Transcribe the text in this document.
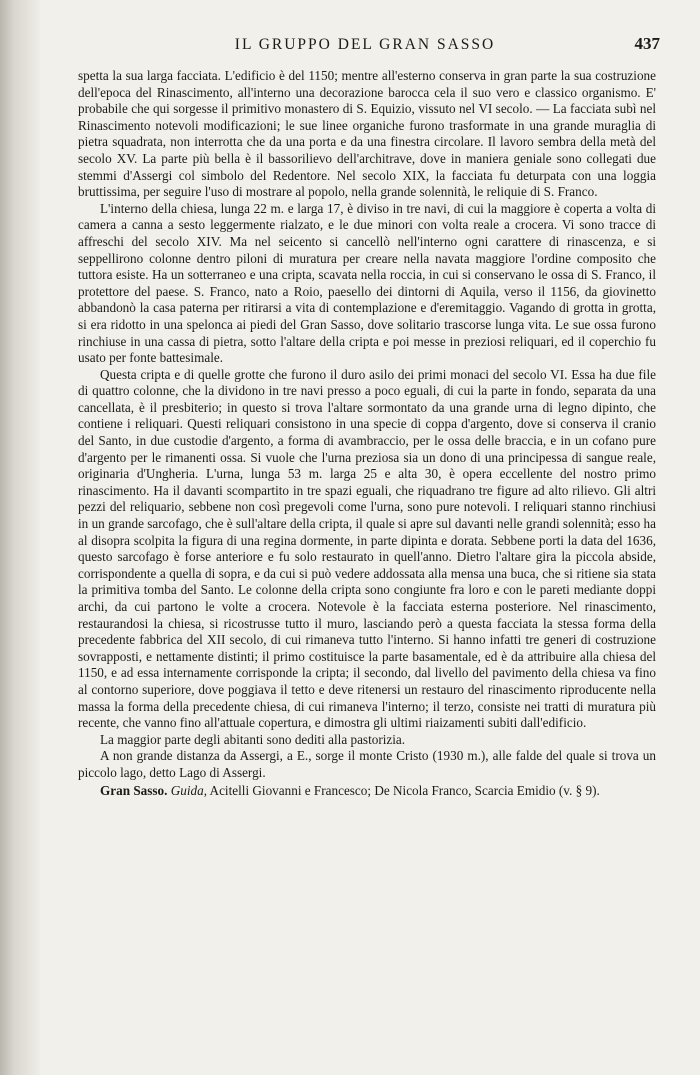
IL GRUPPO DEL GRAN SASSO	437

spetta la sua larga facciata. L'edificio è del 1150; mentre all'esterno conserva in gran parte la sua costruzione dell'epoca del Rinascimento, all'interno una decorazione barocca cela il suo vero e classico organismo. E' probabile che qui sorgesse il primitivo monastero di S. Equizio, vissuto nel VI secolo. — La facciata subì nel Rinascimento notevoli modificazioni; le sue linee organiche furono trasformate in una grande muraglia di pietra squadrata, non interrotta che da una porta e da una finestra circolare. Il lavoro sembra della metà del secolo XV. La parte più bella è il bassorilievo dell'architrave, dove in maniera geniale sono collegati due stemmi d'Assergi col simbolo del Redentore. Nel secolo XIX, la facciata fu deturpata con una loggia bruttissima, per seguire l'uso di mostrare al popolo, nella grande solennità, le reliquie di S. Franco.

L'interno della chiesa, lunga 22 m. e larga 17, è diviso in tre navi, di cui la maggiore è coperta a volta di camera a canna a sesto leggermente rialzato, e le due minori con volta reale a crocera. Vi sono tracce di affreschi del secolo XIV. Ma nel seicento si cancellò nell'interno ogni carattere di rinascenza, e si seppellirono colonne dentro piloni di muratura per creare nella navata maggiore l'ordine composito che tuttora esiste. Ha un sotterraneo e una cripta, scavata nella roccia, in cui si conservano le ossa di S. Franco, il protettore del paese. S. Franco, nato a Roio, paesello dei dintorni di Aquila, verso il 1156, da giovinetto abbandonò la casa paterna per ritirarsi a vita di contemplazione e d'eremitaggio. Vagando di grotta in grotta, si era ridotto in una spelonca ai piedi del Gran Sasso, dove solitario trascorse lunga vita. Le sue ossa furono rinchiuse in una cassa di pietra, sotto l'altare della cripta e poi messe in preziosi reliquari, ed il coperchio fu usato per fonte battesimale.

Questa cripta e di quelle grotte che furono il duro asilo dei primi monaci del secolo VI. Essa ha due file di quattro colonne, che la dividono in tre navi presso a poco eguali, di cui la parte in fondo, separata da una cancellata, è il presbiterio; in questo si trova l'altare sormontato da una grande urna di legno dipinto, che contiene i reliquari. Questi reliquari consistono in una specie di coppa d'argento, dove si conserva il cranio del Santo, in due custodie d'argento, a forma di avambraccio, per le ossa delle braccia, e in un cofano pure d'argento per le rimanenti ossa. Si vuole che l'urna preziosa sia un dono di una principessa di sangue reale, originaria d'Ungheria. L'urna, lunga 53 m. larga 25 e alta 30, è opera eccellente del nostro primo rinascimento. Ha il davanti scompartito in tre spazi eguali, che riquadrano tre figure ad alto rilievo. Gli altri pezzi del reliquario, sebbene non così pregevoli come l'urna, sono pure notevoli. I reliquari stanno rinchiusi in un grande sarcofago, che è sull'altare della cripta, il quale si apre sul davanti nelle grandi solennità; esso ha al disopra scolpita la figura di una regina dormente, in parte dipinta e dorata. Sebbene porti la data del 1636, questo sarcofago è forse anteriore e fu solo restaurato in quell'anno. Dietro l'altare gira la piccola abside, corrispondente a quella di sopra, e da cui si può vedere addossata alla mensa una buca, che si ritiene sia stata la primitiva tomba del Santo. Le colonne della cripta sono congiunte fra loro e con le pareti mediante doppi archi, da cui partono le volte a crocera. Notevole è la facciata esterna posteriore. Nel rinascimento, restaurandosi la chiesa, si ricostrusse tutto il muro, lasciando però a questa facciata la stessa forma della precedente fabbrica del XII secolo, di cui rimaneva tutto l'interno. Si hanno infatti tre generi di costruzione sovrapposti, e nettamente distinti; il primo costituisce la parte basamentale, ed è da attribuire alla chiesa del 1150, e ad essa internamente corrisponde la cripta; il secondo, dal livello del pavimento della chiesa va fino al contorno superiore, dove poggiava il tetto e deve ritenersi un restauro del rinascimento riproducente nella massa la forma della precedente chiesa, di cui rimaneva l'interno; il terzo, consiste nei tratti di muratura più recente, che vanno fino all'attuale copertura, e dimostra gli ultimi riaizamenti subiti dall'edificio.

La maggior parte degli abitanti sono dediti alla pastorizia.

A non grande distanza da Assergi, a E., sorge il monte Cristo (1930 m.), alle falde del quale si trova un piccolo lago, detto Lago di Assergi.

Gran Sasso. Guida, Acitelli Giovanni e Francesco; De Nicola Franco, Scarcia Emidio (v. § 9).
